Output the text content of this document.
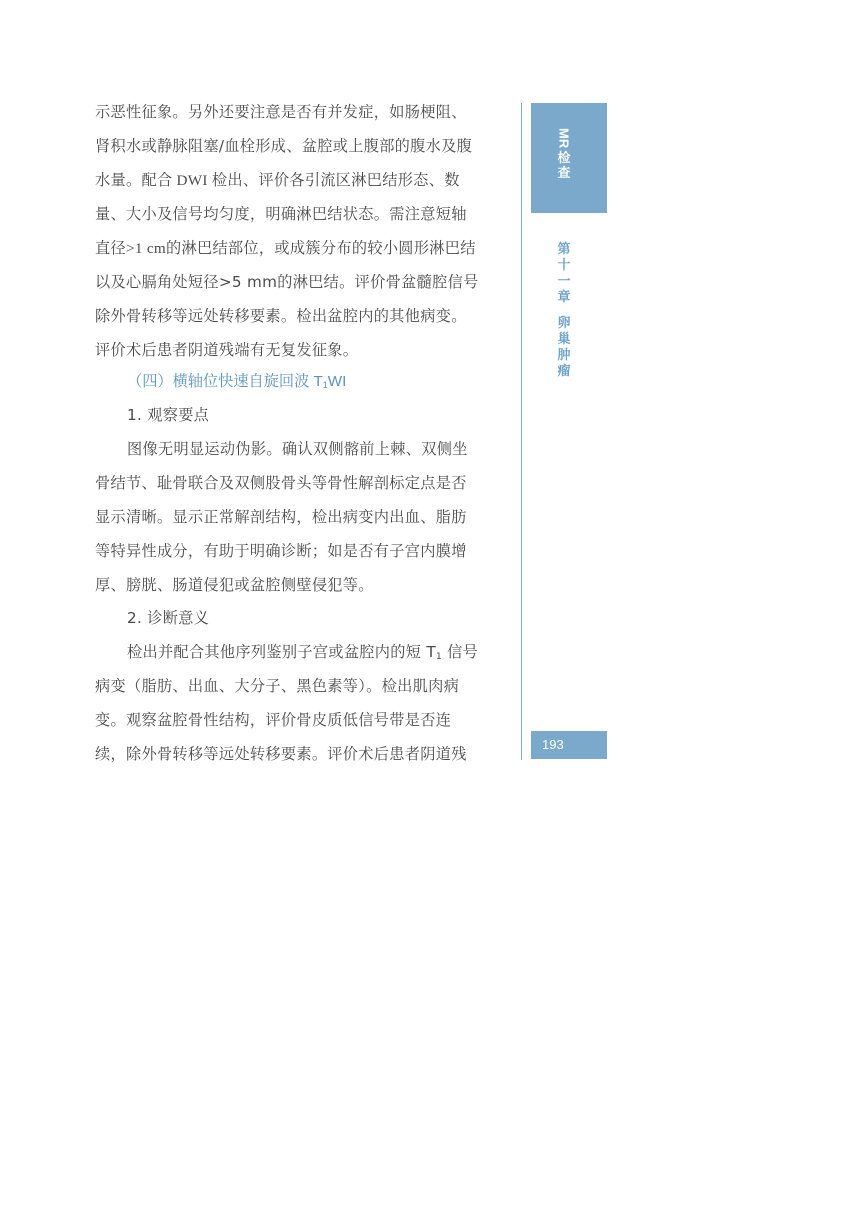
示恶性征象。另外还要注意是否有并发症，如肠梗阻、
肾积水或静脉阻塞/血栓形成、盆腔或上腹部的腹水及腹
水量。配合 DWI 检出、评价各引流区淋巴结形态、数
量、大小及信号均匀度，明确淋巴结状态。需注意短轴
直径>1 cm的淋巴结部位，或成簇分布的较小圆形淋巴结
以及心膈角处短径>5 mm的淋巴结。评价骨盆髓腔信号
除外骨转移等远处转移要素。检出盆腔内的其他病变。
评价术后患者阴道残端有无复发征象。
（四）横轴位快速自旋回波 $T_1WI$
1. 观察要点
图像无明显运动伪影。确认双侧髂前上棘、双侧坐
骨结节、耻骨联合及双侧股骨头等骨性解剖标定点是否
显示清晰。显示正常解剖结构，检出病变内出血、脂肪
等特异性成分，有助于明确诊断；如是否有子宫内膜增
厚、膀胱、肠道侵犯或盆腔侧壁侵犯等。
2. 诊断意义
检出并配合其他序列鉴别子宫或盆腔内的短 $T_1$ 信号
病变（脂肪、出血、大分子、黑色素等）。检出肌肉病
变。观察盆腔骨性结构，评价骨皮质低信号带是否连
续，除外骨转移等远处转移要素。评价术后患者阴道残
MR
检
查
第
十
一
章
卵
巢
肿
瘤
193
